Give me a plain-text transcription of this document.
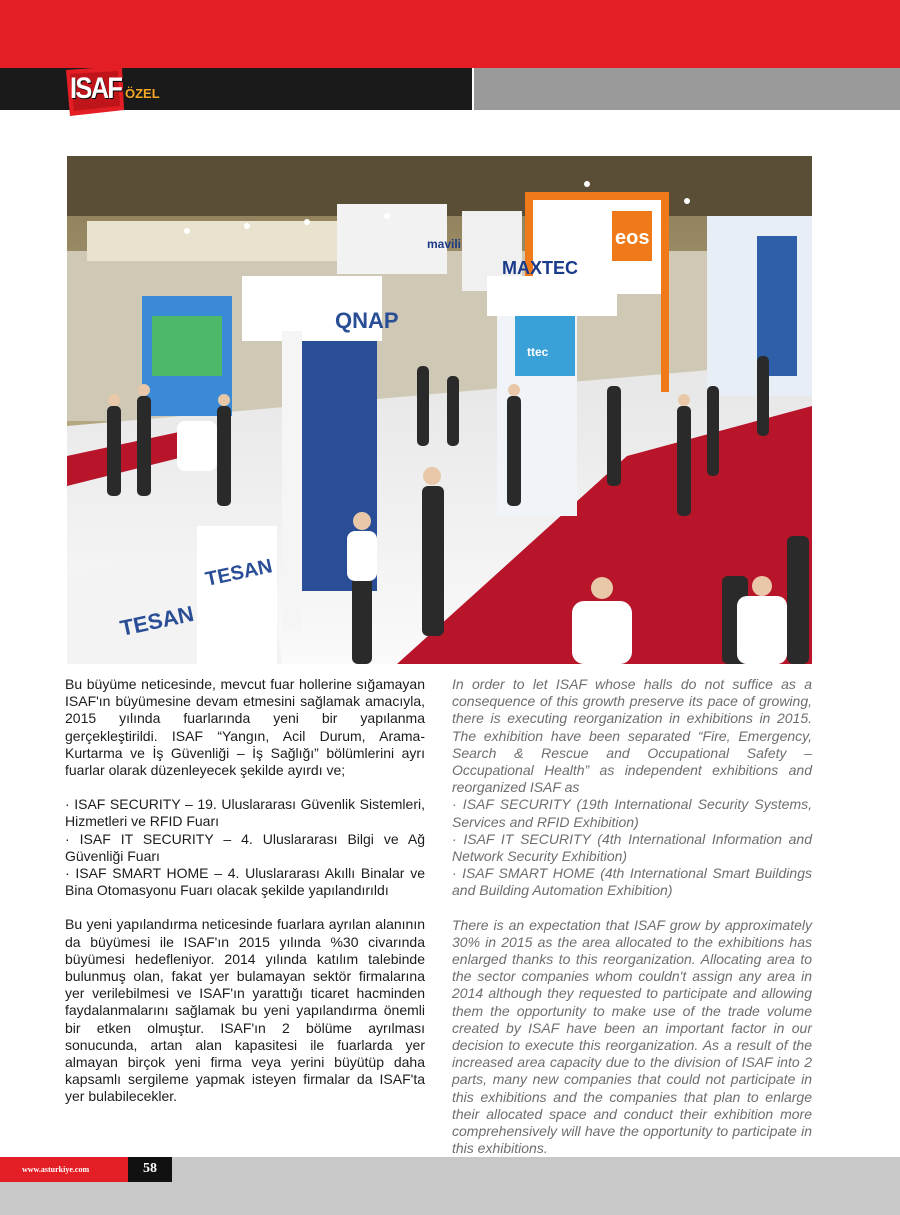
ISAF ÖZEL
eos
mavili
QNAP
ttec
MAXTEC
TESAN
TESAN

Bu büyüme neticesinde, mevcut fuar hollerine sığamayan ISAF'ın büyümesine devam etmesini sağlamak amacıyla, 2015 yılında fuarlarında yeni bir yapılanma gerçekleştirildi. ISAF “Yangın, Acil Durum, Arama-Kurtarma ve İş Güvenliği – İş Sağlığı” bölümlerini ayrı fuarlar olarak düzenleyecek şekilde ayırdı ve;

· ISAF SECURITY – 19. Uluslararası Güvenlik Sistemleri, Hizmetleri ve RFID Fuarı

· ISAF IT SECURITY – 4. Uluslararası Bilgi ve Ağ Güvenliği Fuarı

· ISAF SMART HOME – 4. Uluslararası Akıllı Binalar ve Bina Otomasyonu Fuarı olacak şekilde yapılandırıldı

Bu yeni yapılandırma neticesinde fuarlara ayrılan alanının da büyümesi ile ISAF'ın 2015 yılında %30 civarında büyümesi hedefleniyor. 2014 yılında katılım talebinde bulunmuş olan, fakat yer bulamayan sektör firmalarına yer verilebilmesi ve ISAF'ın yarattığı ticaret hacminden faydalanmalarını sağlamak bu yeni yapılandırma önemli bir etken olmuştur. ISAF'ın 2 bölüme ayrılması sonucunda, artan alan kapasitesi ile fuarlarda yer almayan birçok yeni firma veya yerini büyütüp daha kapsamlı sergileme yapmak isteyen firmalar da ISAF'ta yer bulabilecekler.

In order to let ISAF whose halls do not suffice as a consequence of this growth preserve its pace of growing, there is executing reorganization in exhibitions in 2015. The exhibition have been separated “Fire, Emergency, Search & Rescue and Occupational Safety – Occupational Health” as independent exhibitions and reorganized ISAF as

· ISAF SECURITY (19th International Security Systems, Services and RFID Exhibition)

· ISAF IT SECURITY (4th International Information and Network Security Exhibition)

· ISAF SMART HOME (4th International Smart Buildings and Building Automation Exhibition)

There is an expectation that ISAF grow by approximately 30% in 2015 as the area allocated to the exhibitions has enlarged thanks to this reorganization. Allocating area to the sector companies whom couldn't assign any area in 2014 although they requested to participate and allowing them the opportunity to make use of the trade volume created by ISAF have been an important factor in our decision to execute this reorganization. As a result of the increased area capacity due to the division of ISAF into 2 parts, many new companies that could not participate in this exhibitions and the companies that plan to enlarge their allocated space and conduct their exhibition more comprehensively will have the opportunity to participate in this exhibitions.

www.asturkiye.com	58
